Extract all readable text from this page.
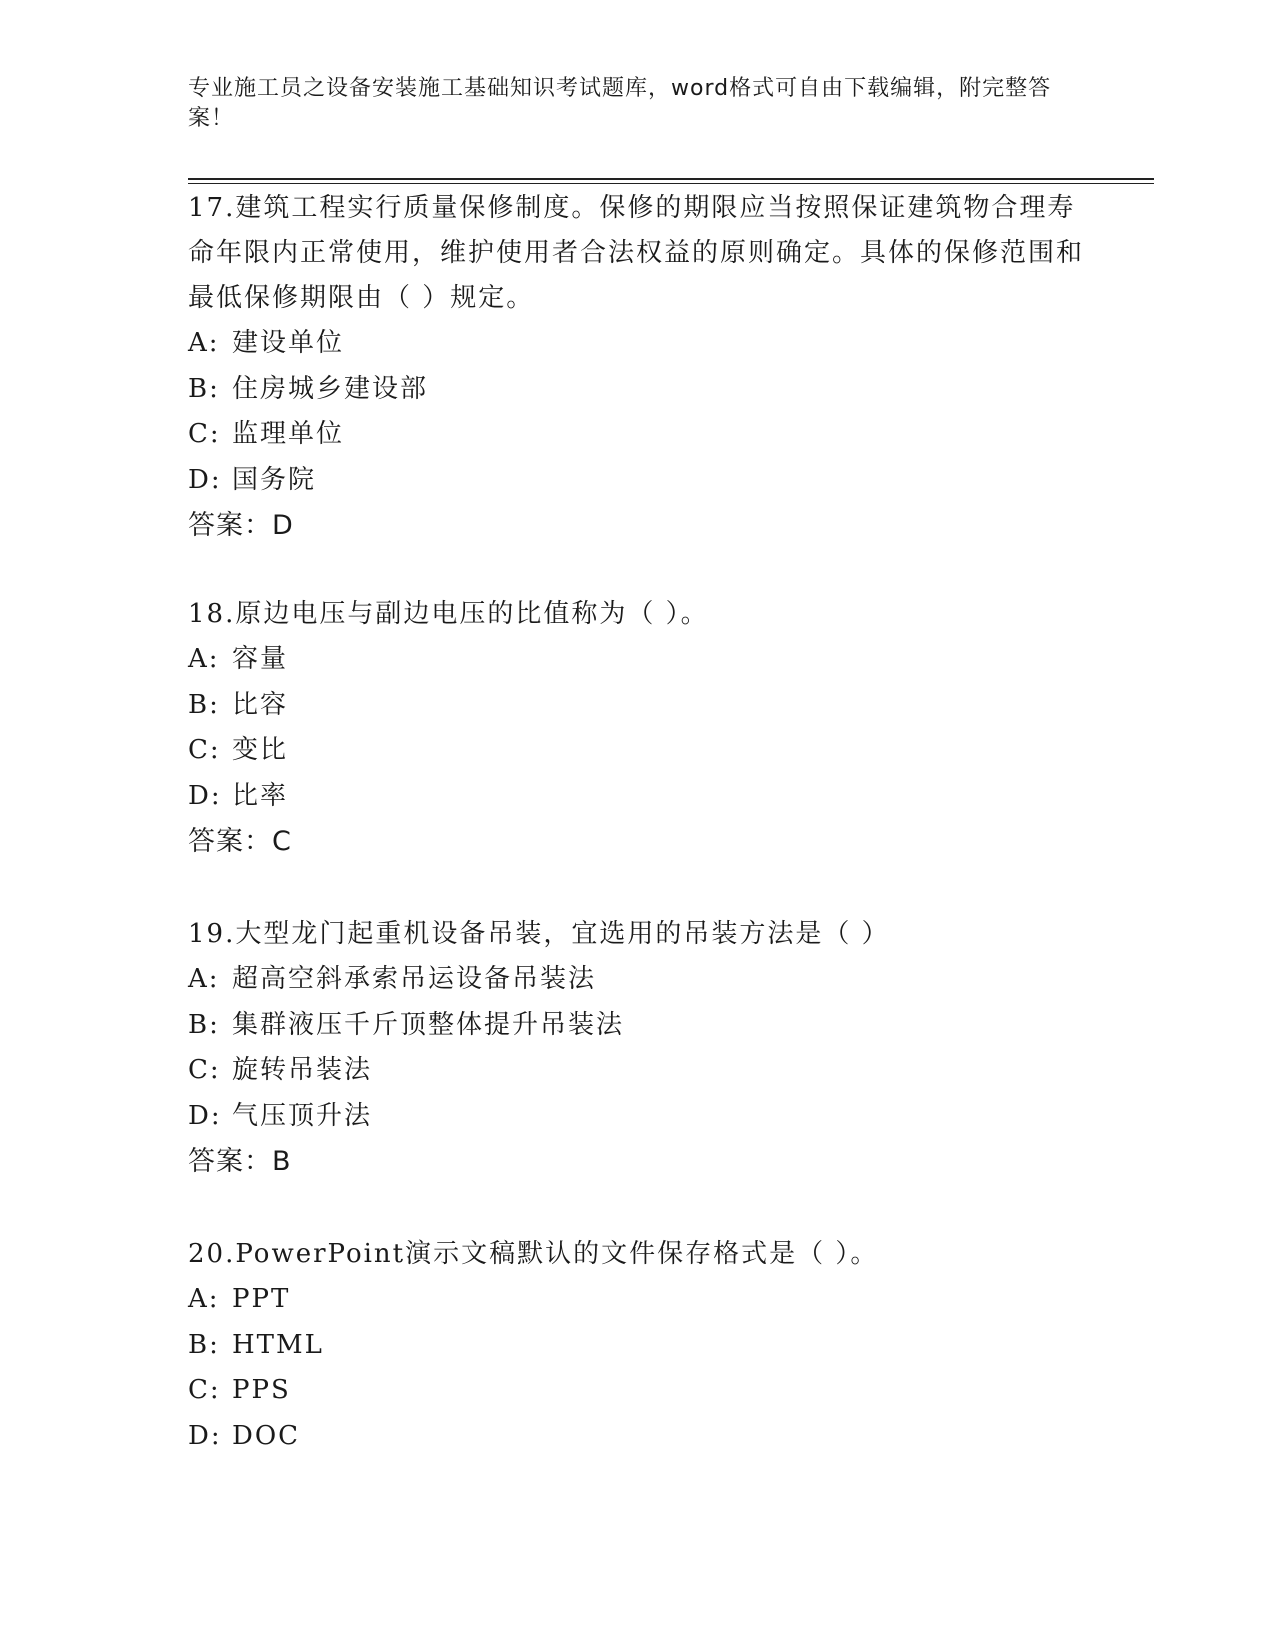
专业施工员之设备安装施工基础知识考试题库，word格式可自由下载编辑，附完整答案！
17.建筑工程实行质量保修制度。保修的期限应当按照保证建筑物合理寿命年限内正常使用，维护使用者合法权益的原则确定。具体的保修范围和最低保修期限由（ ）规定。
A: 建设单位
B: 住房城乡建设部
C: 监理单位
D: 国务院
答案：D
18.原边电压与副边电压的比值称为（ ）。
A: 容量
B: 比容
C: 变比
D: 比率
答案：C
19.大型龙门起重机设备吊装，宜选用的吊装方法是（ ）
A: 超高空斜承索吊运设备吊装法
B: 集群液压千斤顶整体提升吊装法
C: 旋转吊装法
D: 气压顶升法
答案：B
20.PowerPoint演示文稿默认的文件保存格式是（ ）。
A: PPT
B: HTML
C: PPS
D: DOC
